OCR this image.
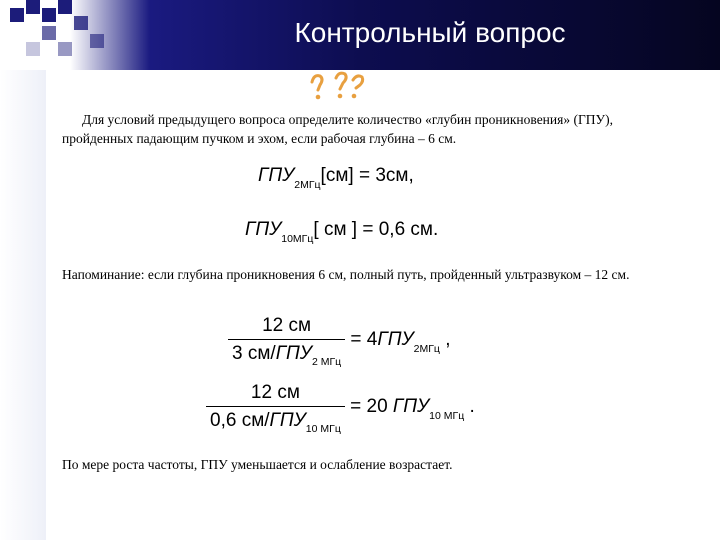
Контрольный вопрос
Для условий предыдущего вопроса определите количество «глубин проникновения» (ГПУ), пройденных падающим пучком и эхом, если рабочая глубина – 6 см.
$ГПУ_{2МГц}[см] = 3см$,
$ГПУ_{10МГц}$[ см ] = 0,6 см.
Напоминание: если глубина проникновения 6 см, полный путь, пройденный ультразвуком – 12 см.
$\frac{12 см}{3 см/ГПУ_{2 МГц}} = 4ГПУ_{2МГц}$ ,
$\frac{12 см}{0,6 см/ГПУ_{10 МГц}} = 20$ $ГПУ_{10 МГц}$ .
По мере роста частоты, ГПУ уменьшается и ослабление возрастает.
